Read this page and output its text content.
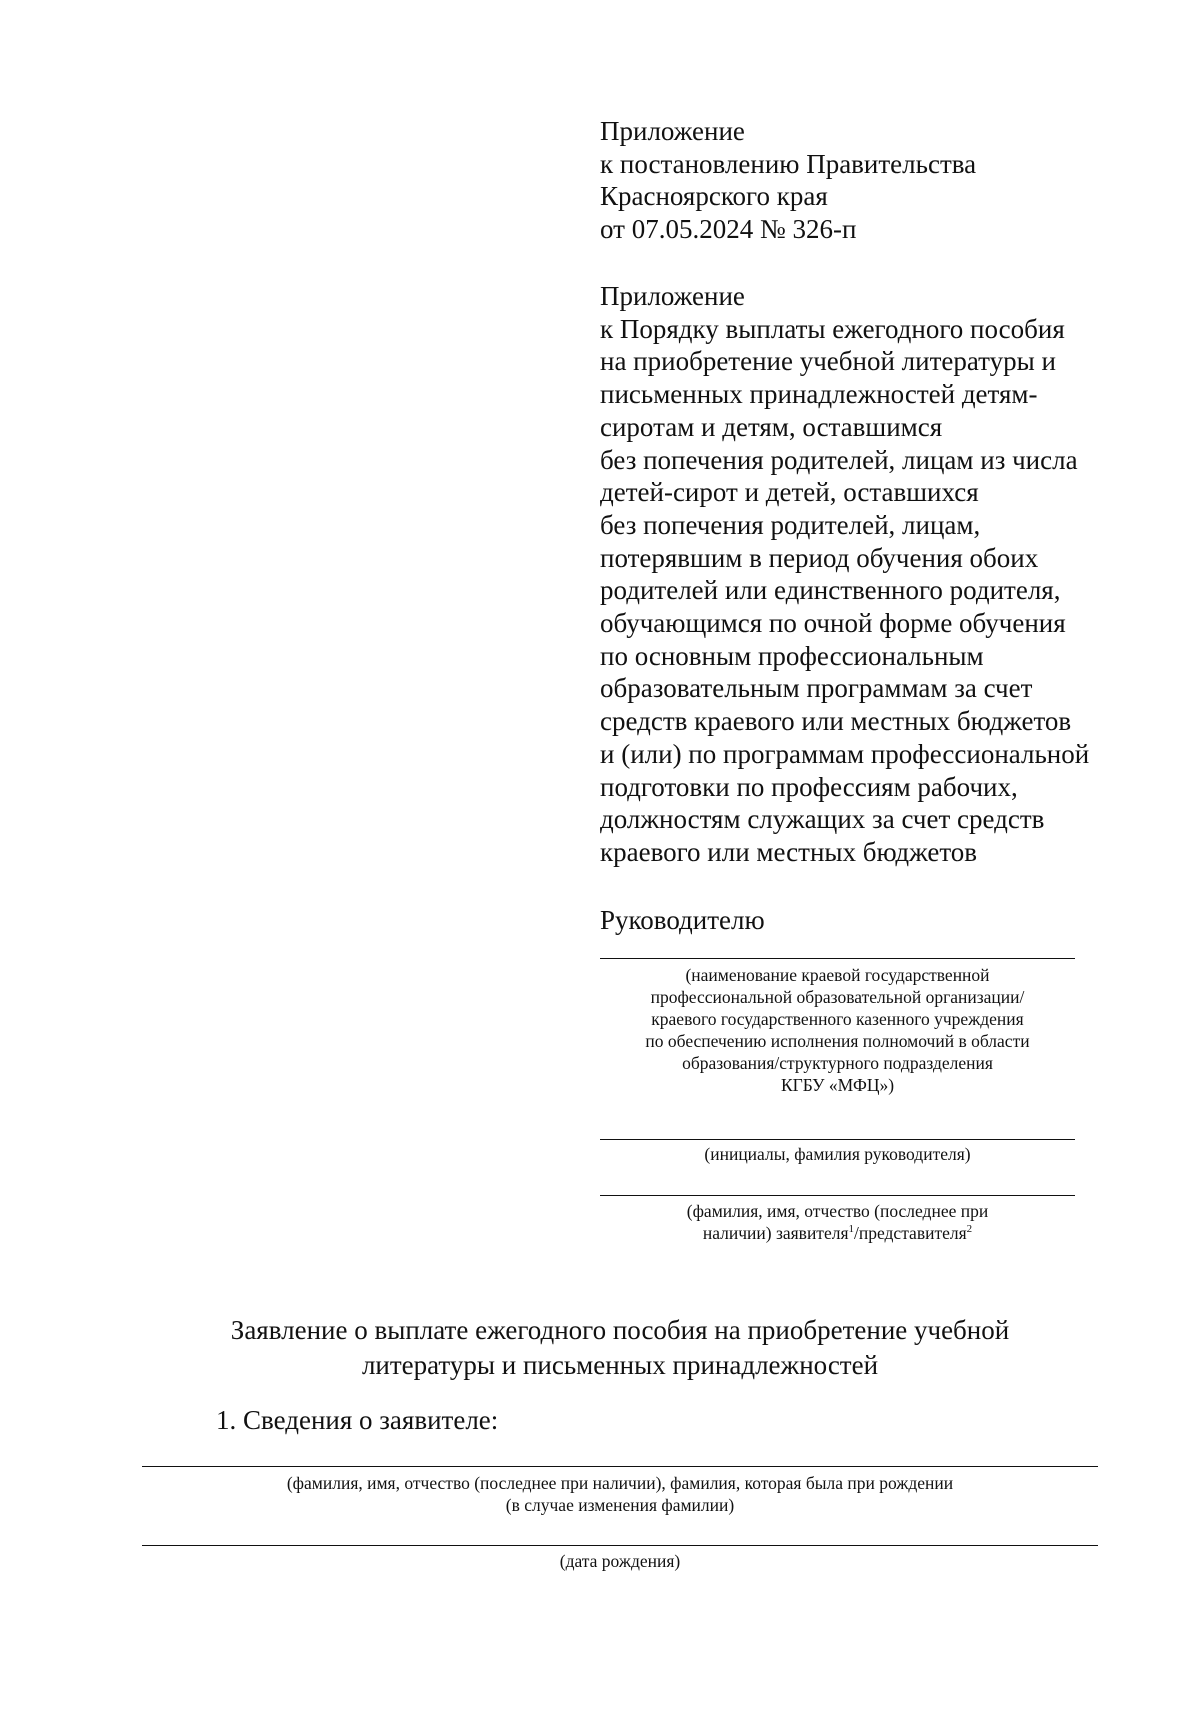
Приложение
к постановлению Правительства
Красноярского края
от 07.05.2024 № 326-п
Приложение
к Порядку выплаты ежегодного пособия
на приобретение учебной литературы и
письменных принадлежностей детям-
сиротам и детям, оставшимся
без попечения родителей, лицам из числа
детей-сирот и детей, оставшихся
без попечения родителей, лицам,
потерявшим в период обучения обоих
родителей или единственного родителя,
обучающимся по очной форме обучения
по основным профессиональным
образовательным программам за счет
средств краевого или местных бюджетов
и (или) по программам профессиональной
подготовки по профессиям рабочих,
должностям служащих за счет средств
краевого или местных бюджетов
Руководителю
(наименование краевой государственной
профессиональной образовательной организации/
краевого государственного казенного учреждения
по обеспечению исполнения полномочий в области
образования/структурного подразделения
КГБУ «МФЦ»)
(инициалы, фамилия руководителя)
(фамилия, имя, отчество (последнее при
наличии) заявителя$^1$/представителя$^2$
Заявление о выплате ежегодного пособия на приобретение учебной
литературы и письменных принадлежностей
1. Сведения о заявителе:
(фамилия, имя, отчество (последнее при наличии), фамилия, которая была при рождении
(в случае изменения фамилии)
(дата рождения)
